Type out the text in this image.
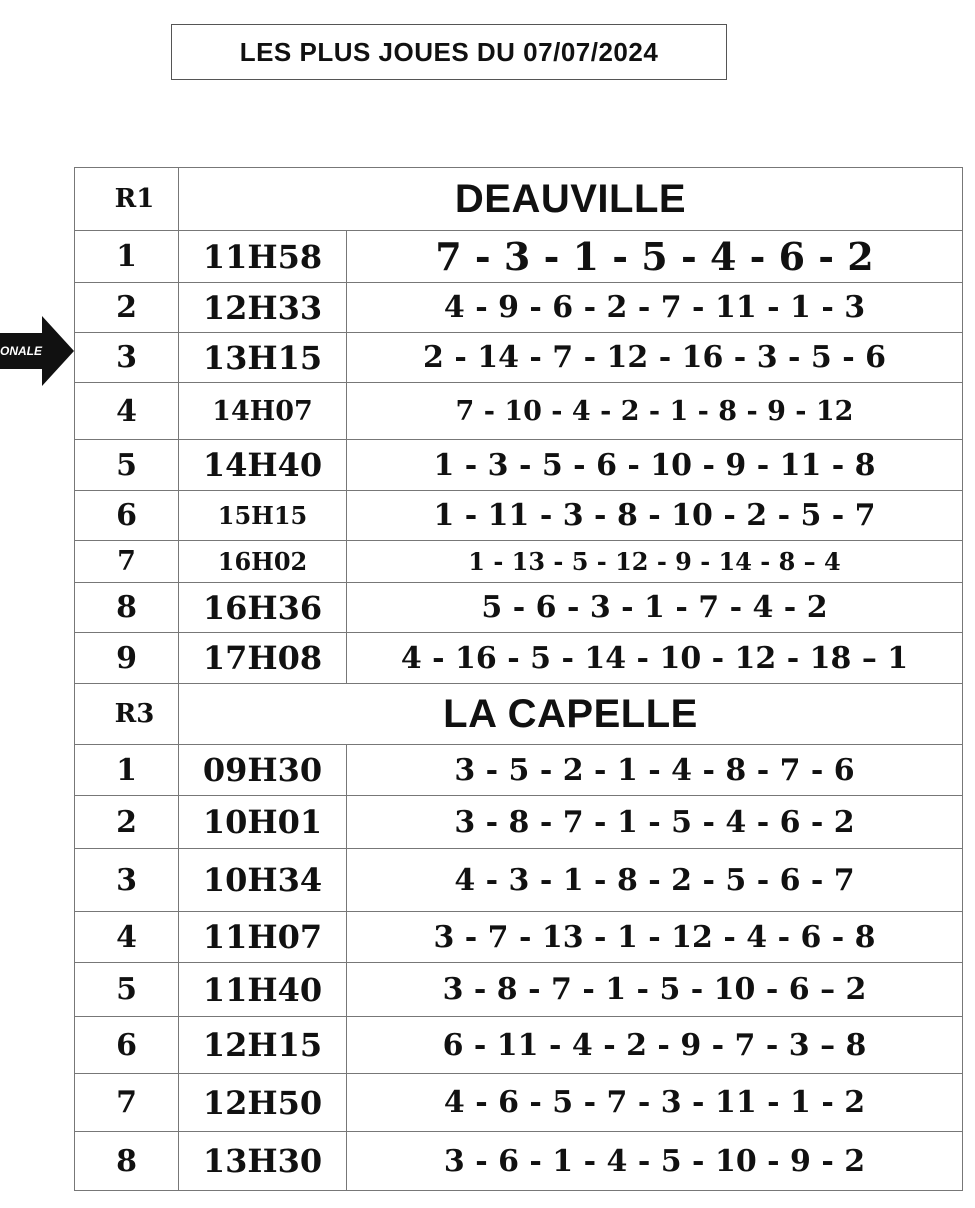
LES PLUS JOUES DU 07/07/2024
ONALE
R1	DEAUVILLE	
1	11H58	7 - 3 - 1 - 5 - 4 - 6 - 2
2	12H33	4 - 9 - 6 - 2 - 7 - 11 - 1 - 3
3	13H15	2 - 14 - 7 - 12 - 16 - 3 - 5 - 6
4	14H07	7 - 10 - 4 - 2 - 1 - 8 - 9 - 12
5	14H40	1 - 3 - 5 - 6 - 10 - 9 - 11 - 8
6	15H15	1 - 11 - 3 - 8 - 10 - 2 - 5 - 7
7	16H02	1 - 13 - 5 - 12 - 9 - 14 - 8 – 4
8	16H36	5 - 6 - 3 - 1 - 7 - 4 - 2
9	17H08	4 - 16 - 5 - 14 - 10 - 12 - 18 – 1
R3	LA CAPELLE	
1	09H30	3 - 5 - 2 - 1 - 4 - 8 - 7 - 6
2	10H01	3 - 8 - 7 - 1 - 5 - 4 - 6 - 2
3	10H34	4 - 3 - 1 - 8 - 2 - 5 - 6 - 7
4	11H07	3 - 7 - 13 - 1 - 12 - 4 - 6 - 8
5	11H40	3 - 8 - 7 - 1 - 5 - 10 - 6 – 2
6	12H15	6 - 11 - 4 - 2 - 9 - 7 - 3 – 8
7	12H50	4 - 6 - 5 - 7 - 3 - 11 - 1 - 2
8	13H30	3 - 6 - 1 - 4 - 5 - 10 - 9 - 2
